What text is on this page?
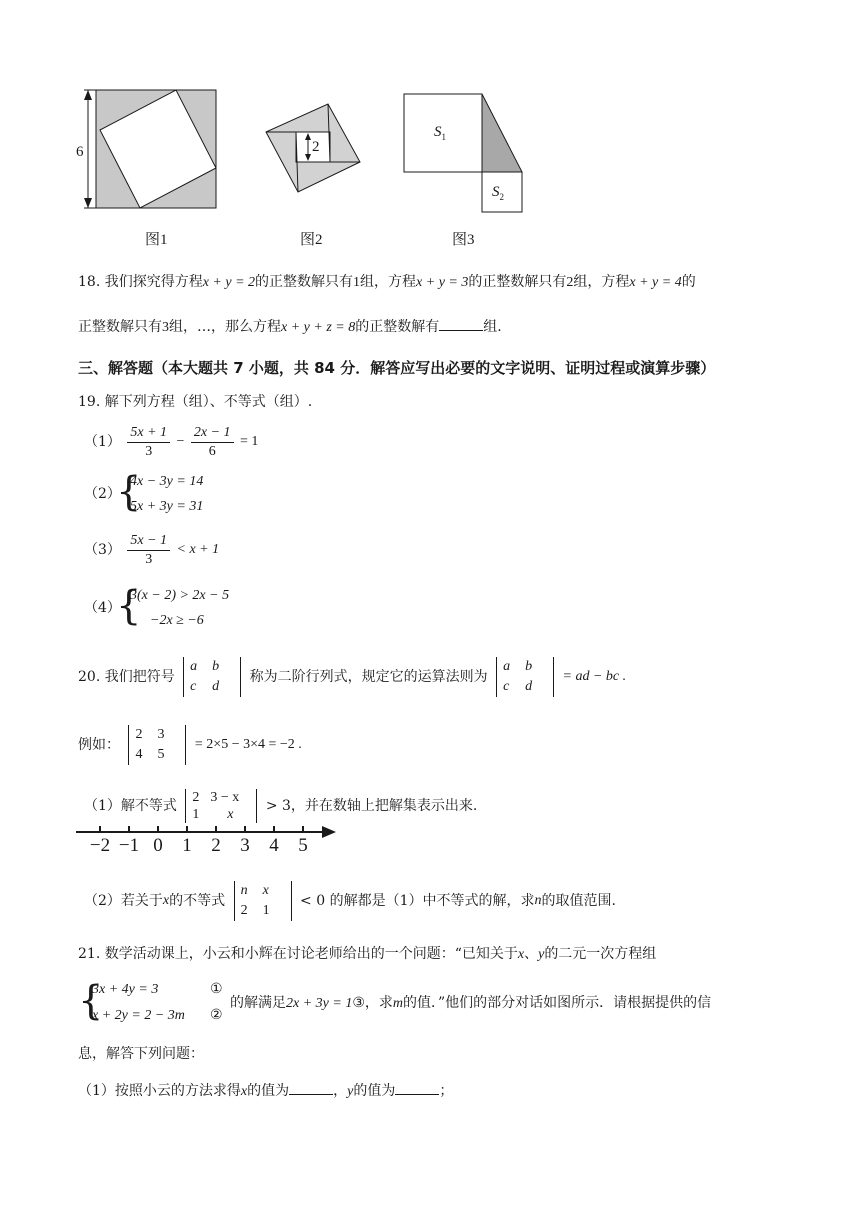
6
图1
2
图2
$S_1$
$S_2$
图3
18. 我们探究得方程x + y = 2的正整数解只有1组，方程x + y = 3的正整数解只有2组，方程x + y = 4的
正整数解只有3组，…，那么方程x + y + z = 8的正整数解有	组.
三、解答题（本大题共 7 小题，共 84 分．解答应写出必要的文字说明、证明过程或演算步骤）
19. 解下列方程（组）、不等式（组）.
$(1) \frac{5x + 1}{3} - \frac{2x - 1}{6} = 1$
（2）
{
4x − 3y = 14
5x + 3y = 31
$(3) \frac{5x - 1}{3} < x + 1$
（4）
{
3(x − 2) > 2x − 5
−2x ≥ −6
20. 我们把符号
a b
c d
称为二阶行列式，规定它的运算法则为
a b
c d
= ad − bc .
例如：
2 3
4 5
= 2×5 − 3×4 = −2 .
（1）解不等式
2 3 − x
1 x
> 3，并在数轴上把解集表示出来.
−2 −1 0	1	2	3	4	5
（2）若关于x的不等式
n x
2 1
< 0 的解都是（1）中不等式的解，求n的取值范围.
21. 数学活动课上，小云和小辉在讨论老师给出的一个问题：“已知关于x、y的二元一次方程组
{
3x + 4y = 3	①
x + 2y = 2 − 3m ②
的解满足2x + 3y = 1③，求m的值．”他们的部分对话如图所示．请根据提供的信
息，解答下列问题：
（1）按照小云的方法求得x的值为	，y的值为	；
